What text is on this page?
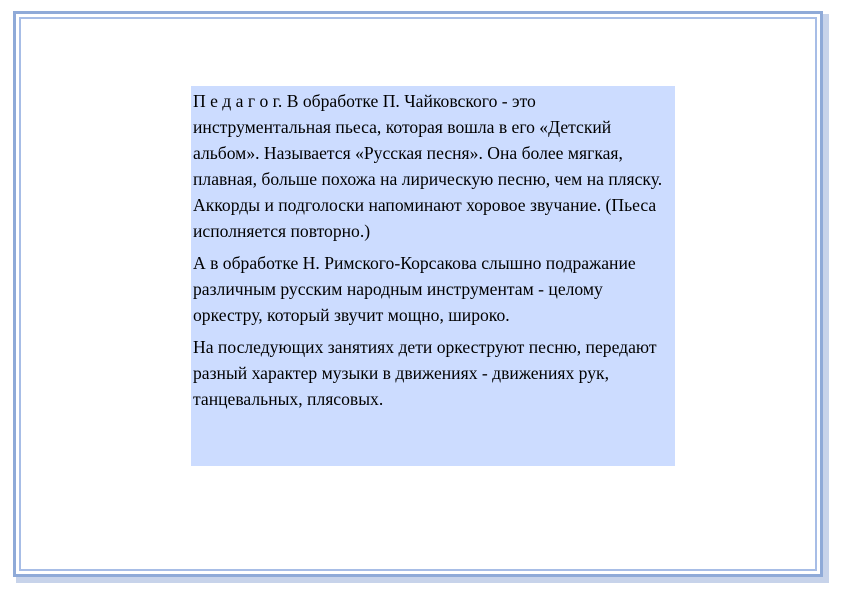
П е д а г о г. В обработке П. Чайковского - это инструментальная пьеса, которая вошла в его «Детский альбом». Называется «Русская песня». Она более мягкая, плавная, больше похожа на лирическую песню, чем на пляску. Аккорды и подголоски напоминают хоровое звучание. (Пьеса исполняется повторно.)

А в обработке Н. Римского-Корсакова слышно подражание различным русским народным инструментам - целому оркестру, который звучит мощно, широко.

На последующих занятиях дети оркеструют песню, передают разный характер музыки в движениях - движениях рук, танцевальных, плясовых.
